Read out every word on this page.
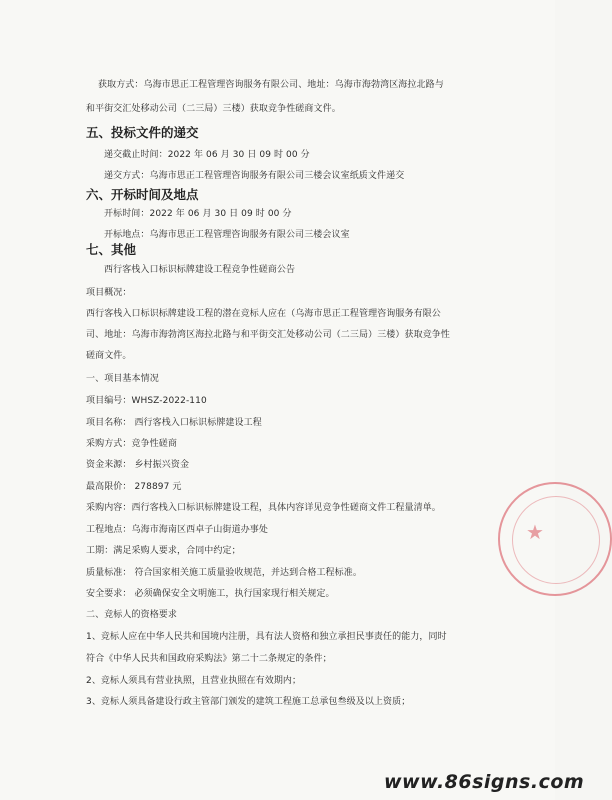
获取方式：乌海市思正工程管理咨询服务有限公司、地址：乌海市海勃湾区海拉北路与
和平街交汇处移动公司（二三局）三楼）获取竞争性磋商文件。
五、投标文件的递交
递交截止时间：2022 年 06 月 30 日 09 时 00 分
递交方式：乌海市思正工程管理咨询服务有限公司三楼会议室纸质文件递交
六、开标时间及地点
开标时间：2022 年 06 月 30 日 09 时 00 分
开标地点：乌海市思正工程管理咨询服务有限公司三楼会议室
七、其他
西行客栈入口标识标牌建设工程竞争性磋商公告
项目概况：
西行客栈入口标识标牌建设工程的潜在竞标人应在（乌海市思正工程管理咨询服务有限公
司、地址：乌海市海勃湾区海拉北路与和平街交汇处移动公司（二三局）三楼）获取竞争性
磋商文件。
一、项目基本情况
项目编号：WHSZ-2022-110
项目名称： 西行客栈入口标识标牌建设工程
采购方式：竞争性磋商
资金来源： 乡村振兴资金
最高限价： 278897 元
采购内容：西行客栈入口标识标牌建设工程，具体内容详见竞争性磋商文件工程量清单。
工程地点：乌海市海南区西卓子山街道办事处
工期：满足采购人要求，合同中约定；
质量标准： 符合国家相关施工质量验收规范，并达到合格工程标准。
安全要求： 必须确保安全文明施工，执行国家现行相关规定。
二、竞标人的资格要求
1、竞标人应在中华人民共和国境内注册，具有法人资格和独立承担民事责任的能力，同时
符合《中华人民共和国政府采购法》第二十二条规定的条件；
2、竞标人须具有营业执照，且营业执照在有效期内；
3、竞标人须具备建设行政主管部门颁发的建筑工程施工总承包叁级及以上资质；
★
www.86signs.com
